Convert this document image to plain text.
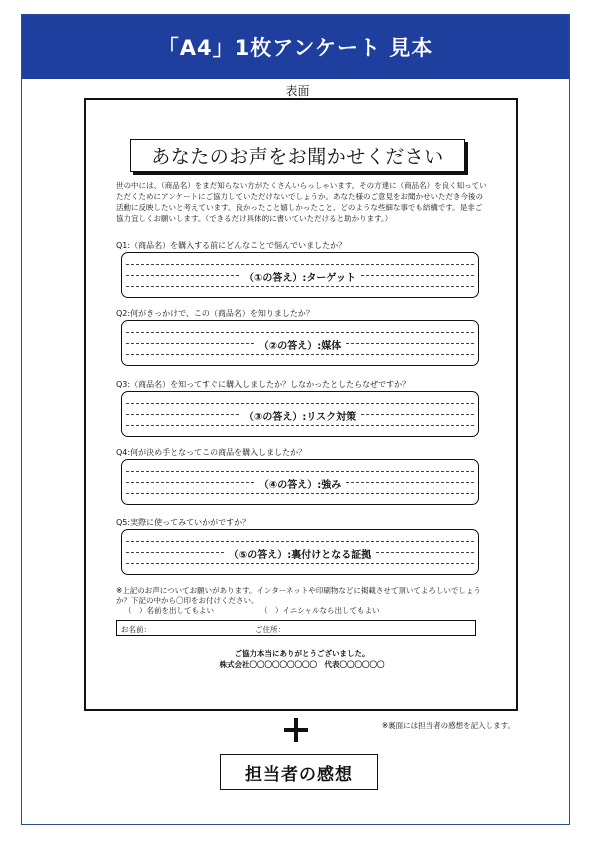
「A4」1枚アンケート 見本
表面
あなたのお声をお聞かせください

世の中には、（商品名）をまだ知らない方がたくさんいらっしゃいます。その方達に（商品名）を良く知っていただくためにアンケートにご協力していただけないでしょうか。あなた様のご意見をお聞かせいただき今後の活動に反映したいと考えています。良かったこと嬉しかったこと、どのような些細な事でも結構です。是非ご協力宜しくお願いします。（できるだけ具体的に書いていただけると助かります。）

Q1:（商品名）を購入する前にどんなことで悩んでいましたか？

（①の答え）:ターゲット

Q2:何がきっかけで、この（商品名）を知りましたか？

（②の答え）:媒体

Q3:（商品名）を知ってすぐに購入しましたか？しなかったとしたらなぜですか？

（③の答え）:リスク対策

Q4:何が決め手となってこの商品を購入しましたか？

（④の答え）:強み

Q5:実際に使ってみていかがですか？

（⑤の答え）:裏付けとなる証拠

※上記のお声についてお願いがあります。インターネットや印刷物などに掲載させて頂いてよろしいでしょうか？下記の中から〇印をお付けください。

（　）名前を出してもよい	（　）イニシャルなら出してもよい
お名前：	ご住所：
ご協力本当にありがとうございました。
株式会社〇〇〇〇〇〇〇〇〇　代表〇〇〇〇〇〇
※裏面には担当者の感想を記入します。
担当者の感想
